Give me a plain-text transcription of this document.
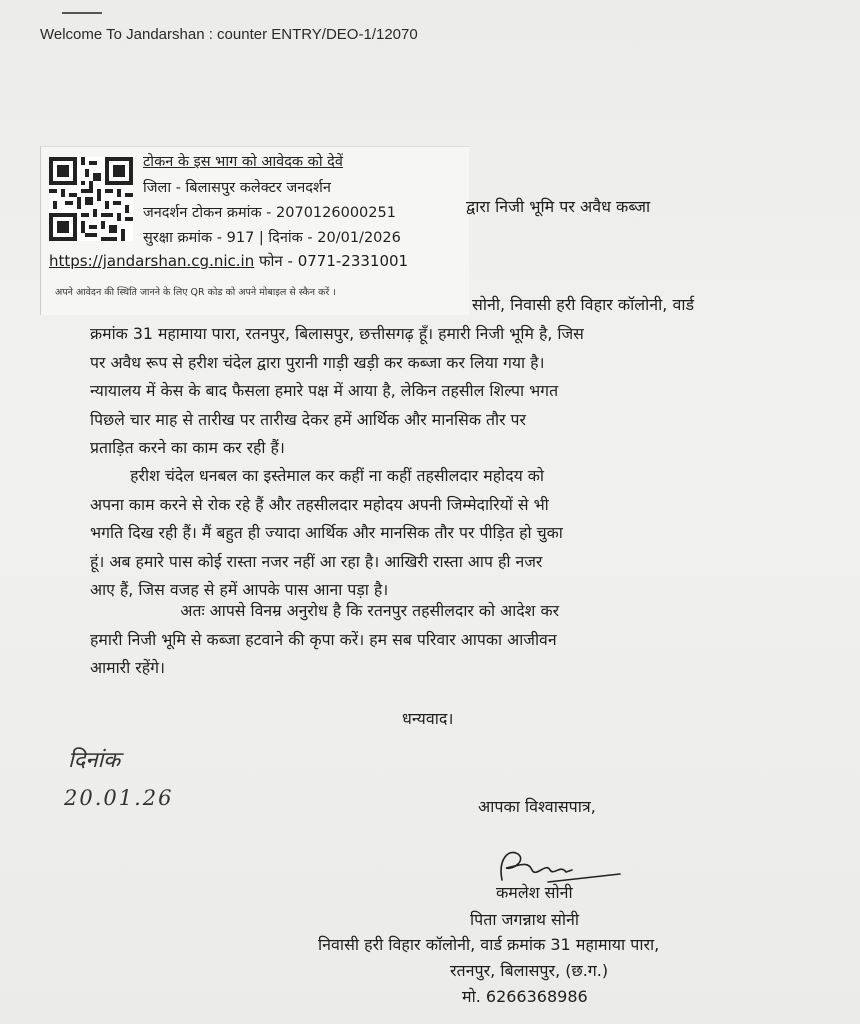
Welcome To Jandarshan : counter ENTRY/DEO-1/12070
टोकन के इस भाग को आवेदक को देवें
जिला - बिलासपुर कलेक्टर जनदर्शन
जनदर्शन टोकन क्रमांक - 2070126000251
सुरक्षा क्रमांक - 917 | दिनांक - 20/01/2026
https://jandarshan.cg.nic.in फोन - 0771-2331001
अपने आवेदन की स्थिति जानने के लिए QR कोड को अपने मोबाइल से स्कैन करें ।
द्वारा निजी भूमि पर अवैध कब्जा
सोनी, निवासी हरी विहार कॉलोनी, वार्ड

क्रमांक 31 महामाया पारा, रतनपुर, बिलासपुर, छत्तीसगढ़ हूँ। हमारी निजी भूमि है, जिस

पर अवैध रूप से हरीश चंदेल द्वारा पुरानी गाड़ी खड़ी कर कब्जा कर लिया गया है।

न्यायालय में केस के बाद फैसला हमारे पक्ष में आया है, लेकिन तहसील शिल्पा भगत

पिछले चार माह से तारीख पर तारीख देकर हमें आर्थिक और मानसिक तौर पर

प्रताड़ित करने का काम कर रही हैं।

हरीश चंदेल धनबल का इस्तेमाल कर कहीं ना कहीं तहसीलदार महोदय को

अपना काम करने से रोक रहे हैं और तहसीलदार महोदय अपनी जिम्मेदारियों से भी

भगति दिख रही हैं। मैं बहुत ही ज्यादा आर्थिक और मानसिक तौर पर पीड़ित हो चुका

हूं। अब हमारे पास कोई रास्ता नजर नहीं आ रहा है। आखिरी रास्ता आप ही नजर

आए हैं, जिस वजह से हमें आपके पास आना पड़ा है।

अतः आपसे विनम्र अनुरोध है कि रतनपुर तहसीलदार को आदेश कर

हमारी निजी भूमि से कब्जा हटवाने की कृपा करें। हम सब परिवार आपका आजीवन

आमारी रहेंगे।

धन्यवाद।
दिनांक
20.01.26	आपका विश्वासपात्र,
कमलेश सोनी
पिता जगन्नाथ सोनी
निवासी हरी विहार कॉलोनी, वार्ड क्रमांक 31 महामाया पारा,
रतनपुर, बिलासपुर, (छ.ग.)
मो. 6266368986
